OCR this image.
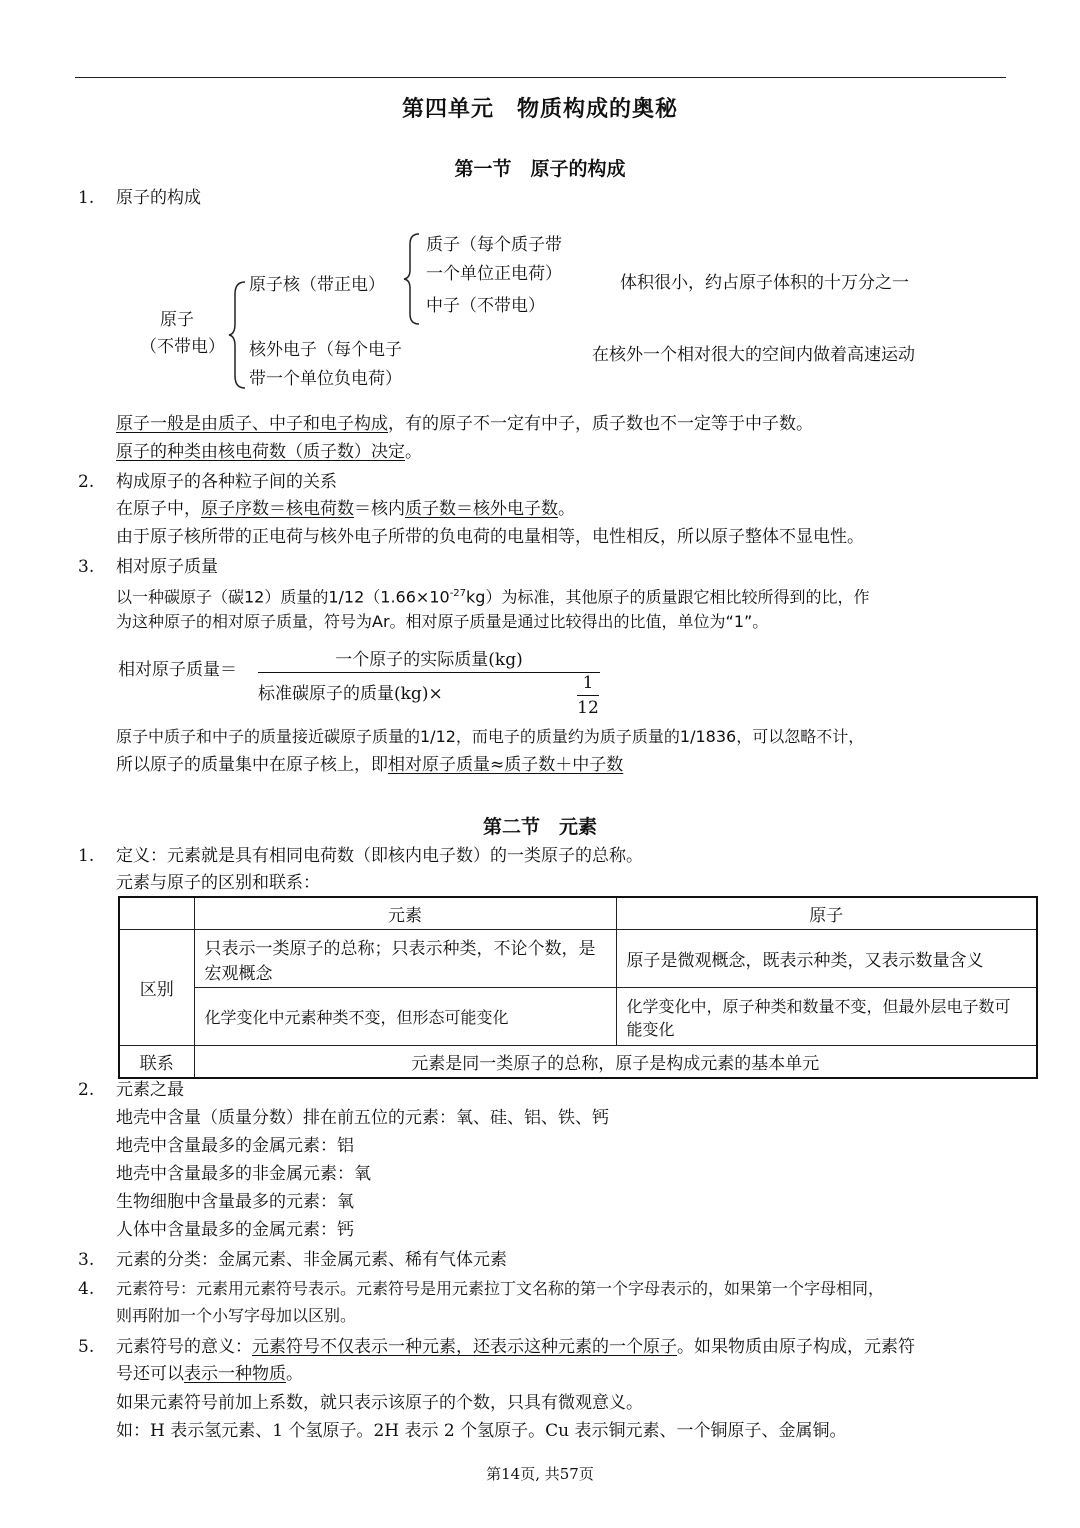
第四单元　物质构成的奥秘
第一节　原子的构成
1. 原子的构成
原子
（不带电）
原子核（带正电）
质子（每个质子带
一个单位正电荷）
中子（不带电）
体积很小，约占原子体积的十万分之一
核外电子（每个电子
带一个单位负电荷）
在核外一个相对很大的空间内做着高速运动
原子一般是由质子、中子和电子构成，有的原子不一定有中子，质子数也不一定等于中子数。
原子的种类由核电荷数（质子数）决定。
2. 构成原子的各种粒子间的关系
在原子中，原子序数＝核电荷数＝核内质子数＝核外电子数。
由于原子核所带的正电荷与核外电子所带的负电荷的电量相等，电性相反，所以原子整体不显电性。
3. 相对原子质量
以一种碳原子（碳12）质量的$1/12(1.66\times 10^{-27}kg)$为标准，其他原子的质量跟它相比较所得到的比，作
为这种原子的相对原子质量，符号为Ar。相对原子质量是通过比较得出的比值，单位为“1”。
相对原子质量＝	一个原子的实际质量(kg)
标准碳原子的质量(kg)×
1
12
原子中质子和中子的质量接近碳原子质量的1/12，而电子的质量约为质子质量的1/1836，可以忽略不计，
所以原子的质量集中在原子核上，即相对原子质量≈质子数＋中子数
第二节　元素
1. 定义：元素就是具有相同电荷数（即核内电子数）的一类原子的总称。
元素与原子的区别和联系：
	元素	原子
区别	只表示一类原子的总称；只表示种类，不论个数，是宏观概念	原子是微观概念，既表示种类，又表示数量含义
	化学变化中元素种类不变，但形态可能变化	化学变化中，原子种类和数量不变，但最外层电子数可能变化
联系	元素是同一类原子的总称，原子是构成元素的基本单元	
2. 元素之最
地壳中含量（质量分数）排在前五位的元素：氧、硅、铝、铁、钙
地壳中含量最多的金属元素：铝
地壳中含量最多的非金属元素：氧
生物细胞中含量最多的元素：氧
人体中含量最多的金属元素：钙
3. 元素的分类：金属元素、非金属元素、稀有气体元素
4. 元素符号：元素用元素符号表示。元素符号是用元素拉丁文名称的第一个字母表示的，如果第一个字母相同，
则再附加一个小写字母加以区别。
5. 元素符号的意义：元素符号不仅表示一种元素，还表示这种元素的一个原子。如果物质由原子构成，元素符
号还可以表示一种物质。
如果元素符号前加上系数，就只表示该原子的个数，只具有微观意义。
如：H 表示氢元素、1 个氢原子。2H 表示 2 个氢原子。Cu 表示铜元素、一个铜原子、金属铜。
第14页, 共57页
